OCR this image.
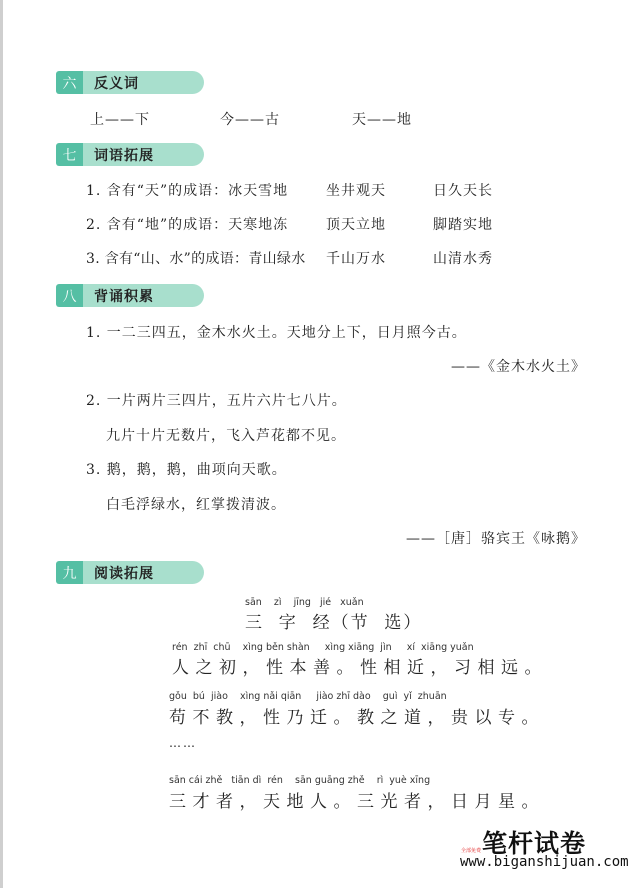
六	反义词
上——下	今——古	天——地
七	词语拓展
1. 含有“天”的成语：冰天雪地	坐井观天	日久天长
2. 含有“地”的成语：天寒地冻	顶天立地	脚踏实地
3. 含有“山、水”的成语：青山绿水 千山万水	山清水秀
八	背诵积累
1. 一二三四五，金木水火土。天地分上下，日月照今古。
——《金木水火土》
2. 一片两片三四片，五片六片七八片。
九片十片无数片，飞入芦花都不见。
3. 鹅，鹅，鹅，曲项向天歌。
白毛浮绿水，红掌拨清波。
——［唐］骆宾王《咏鹅》
九	阅读拓展
sān    zì    jīng   jié   xuǎn
三  字  经（节  选）
rén  zhī  chū    xìng běn shàn     xìng xiāng  jìn     xí  xiāng yuǎn
人之初，性本善。性相近，习相远。
gǒu  bú  jiào    xìng nǎi qiān     jiào zhī dào    guì  yǐ  zhuān
苟不教，性乃迁。教之道，贵以专。
……
sān cái zhě   tiān dì  rén    sān guāng zhě    rì  yuè xīng
三才者，天地人。三光者，日月星。
笔杆试卷
全部免费
www.biganshijuan.com
